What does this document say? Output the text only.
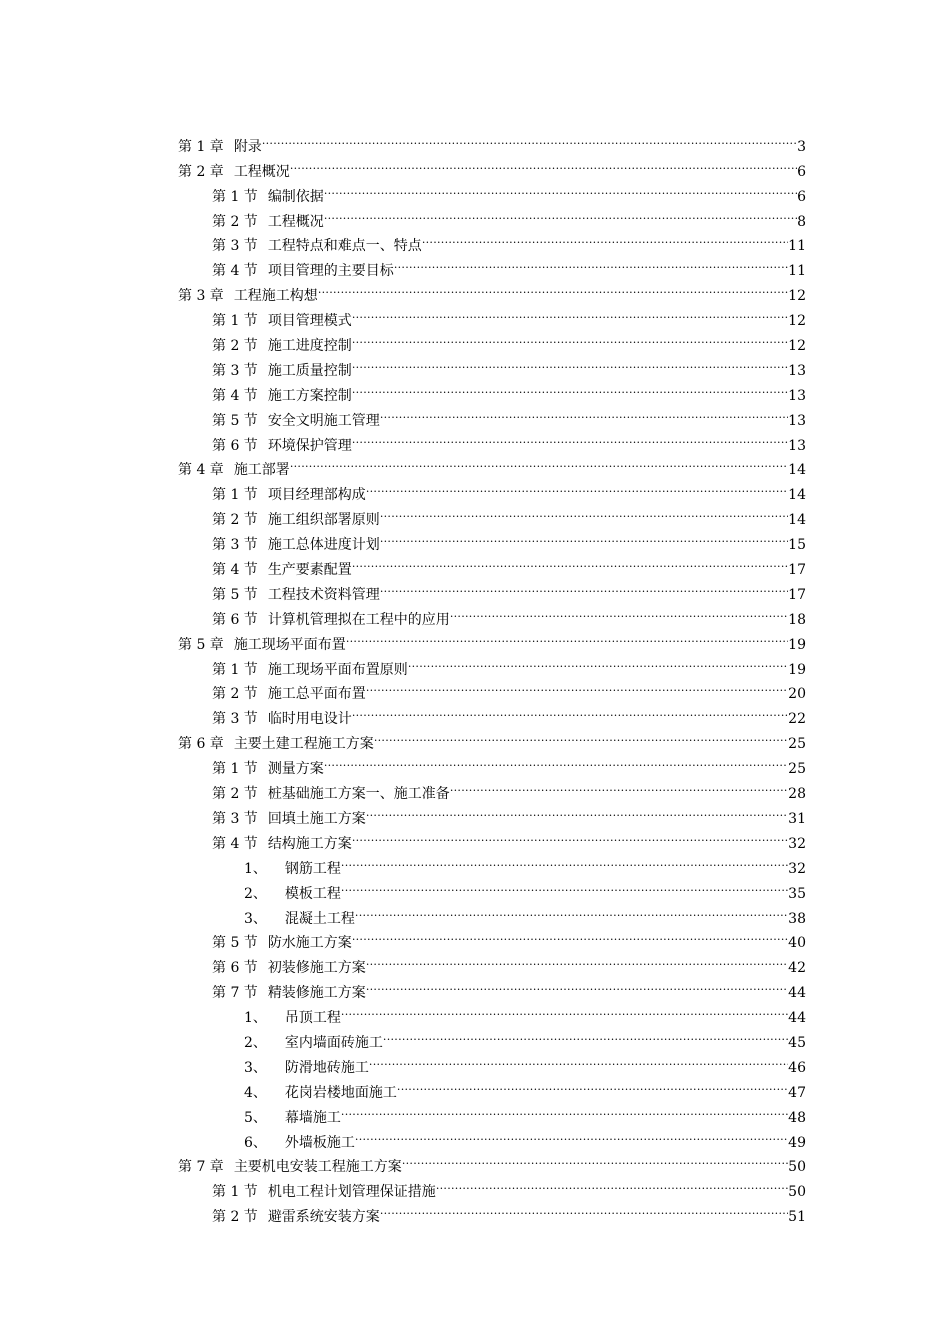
第 1 章 附录 .....	3
第 2 章 工程概况 .....	6
第 1 节 编制依据 .....	6
第 2 节 工程概况 .....	8
第 3 节 工程特点和难点一、特点 .....	11
第 4 节 项目管理的主要目标 .....	11
第 3 章 工程施工构想 .....	12
第 1 节 项目管理模式 .....	12
第 2 节 施工进度控制 .....	12
第 3 节 施工质量控制 .....	13
第 4 节 施工方案控制 .....	13
第 5 节 安全文明施工管理 .....	13
第 6 节 环境保护管理 .....	13
第 4 章 施工部署 .....	14
第 1 节 项目经理部构成 .....	14
第 2 节 施工组织部署原则 .....	14
第 3 节 施工总体进度计划 .....	15
第 4 节 生产要素配置 .....	17
第 5 节 工程技术资料管理 .....	17
第 6 节 计算机管理拟在工程中的应用 .....	18
第 5 章 施工现场平面布置 .....	19
第 1 节 施工现场平面布置原则 .....	19
第 2 节 施工总平面布置 .....	20
第 3 节 临时用电设计 .....	22
第 6 章 主要土建工程施工方案 .....	25
第 1 节 测量方案 .....	25
第 2 节 桩基础施工方案一、施工准备 .....	28
第 3 节 回填土施工方案 .....	31
第 4 节 结构施工方案 .....	32
1、 钢筋工程 .....	32
2、 模板工程 .....	35
3、 混凝土工程 .....	38
第 5 节 防水施工方案 .....	40
第 6 节 初装修施工方案 .....	42
第 7 节 精装修施工方案 .....	44
1、 吊顶工程 .....	44
2、 室内墙面砖施工 .....	45
3、 防滑地砖施工 .....	46
4、 花岗岩楼地面施工 .....	47
5、 幕墙施工 .....	48
6、 外墙板施工 .....	49
第 7 章 主要机电安装工程施工方案 .....	50
第 1 节 机电工程计划管理保证措施 .....	50
第 2 节 避雷系统安装方案 .....	51
